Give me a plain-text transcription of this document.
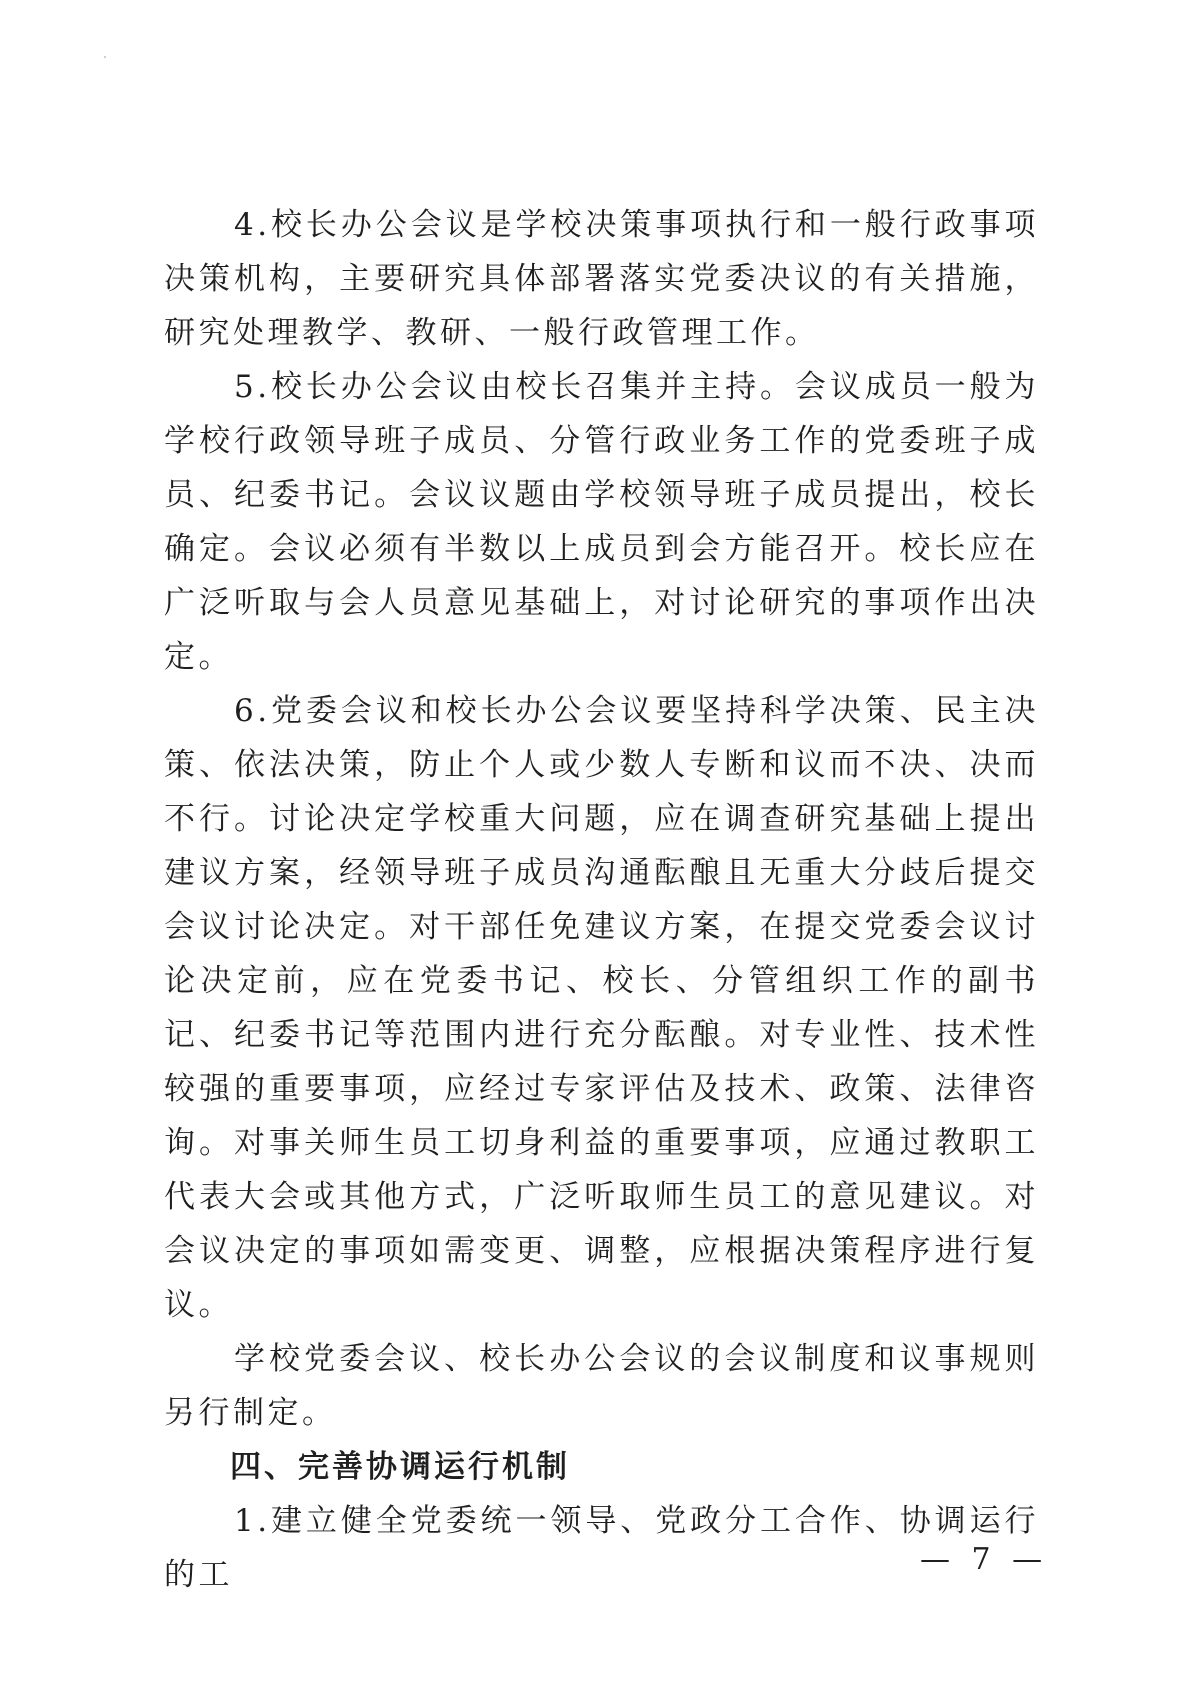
4.校长办公会议是学校决策事项执行和一般行政事项决策机构，主要研究具体部署落实党委决议的有关措施，研究处理教学、教研、一般行政管理工作。

5.校长办公会议由校长召集并主持。会议成员一般为学校行政领导班子成员、分管行政业务工作的党委班子成员、纪委书记。会议议题由学校领导班子成员提出，校长确定。会议必须有半数以上成员到会方能召开。校长应在广泛听取与会人员意见基础上，对讨论研究的事项作出决定。

6.党委会议和校长办公会议要坚持科学决策、民主决策、依法决策，防止个人或少数人专断和议而不决、决而不行。讨论决定学校重大问题，应在调查研究基础上提出建议方案，经领导班子成员沟通酝酿且无重大分歧后提交会议讨论决定。对干部任免建议方案，在提交党委会议讨论决定前，应在党委书记、校长、分管组织工作的副书记、纪委书记等范围内进行充分酝酿。对专业性、技术性较强的重要事项，应经过专家评估及技术、政策、法律咨询。对事关师生员工切身利益的重要事项，应通过教职工代表大会或其他方式，广泛听取师生员工的意见建议。对会议决定的事项如需变更、调整，应根据决策程序进行复议。

学校党委会议、校长办公会议的会议制度和议事规则另行制定。

四、完善协调运行机制

1.建立健全党委统一领导、党政分工合作、协调运行的工	— 7 —
